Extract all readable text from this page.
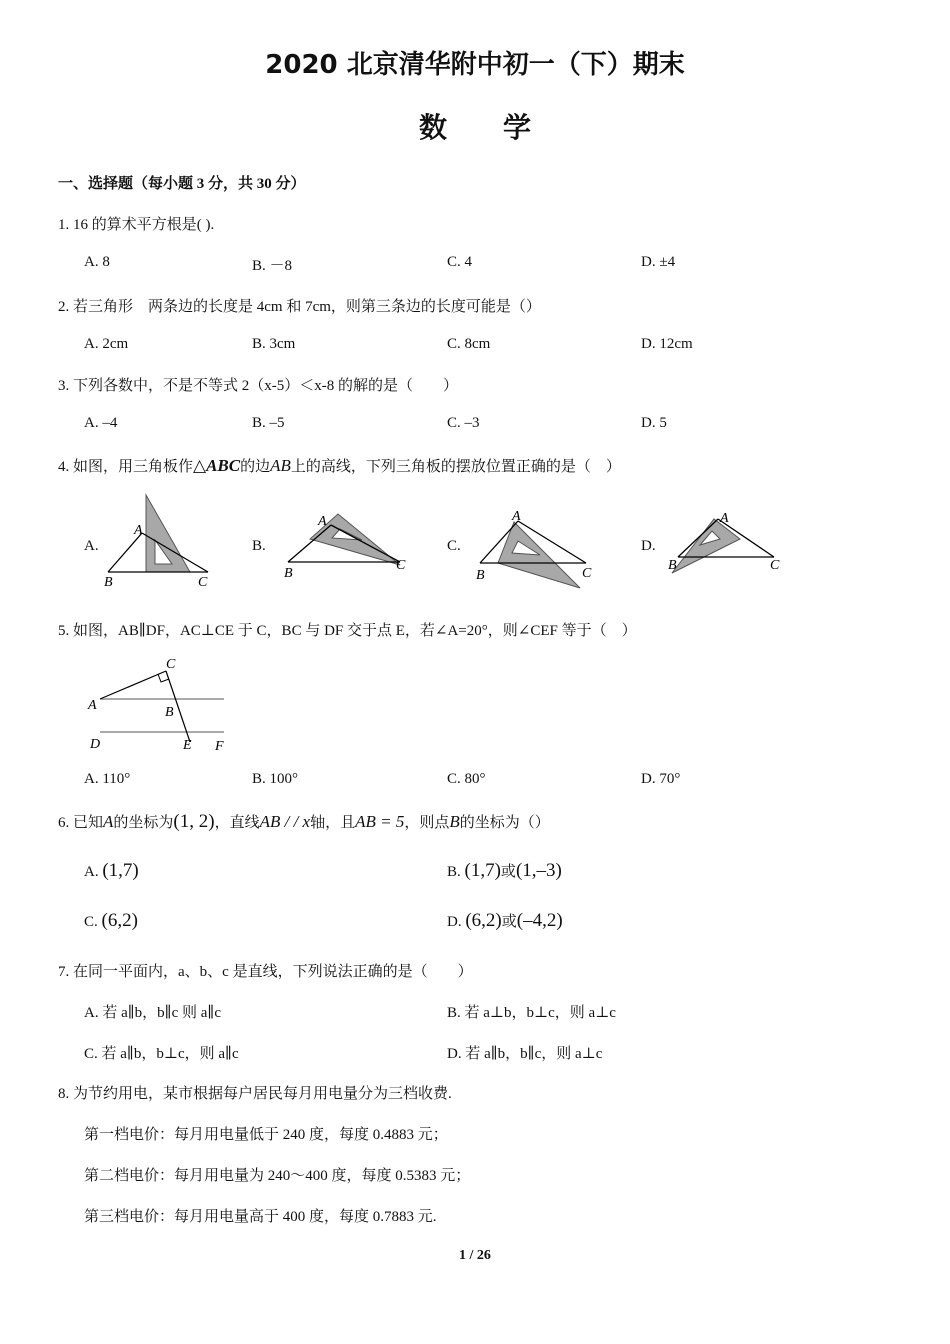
2020 北京清华附中初一（下）期末
数　　学
一、选择题（每小题 3 分，共 30 分）
1. 16 的算术平方根是( ).
A. 8	B. －8	C. 4	D. ±4
2. 若三角形　两条边的长度是 4cm 和 7cm，则第三条边的长度可能是（）
A. 2cm	B. 3cm	C. 8cm	D. 12cm
3. 下列各数中，不是不等式 2（x-5）＜x-8 的解的是（　　）
A. –4	B. –5	C. –3	D. 5
4. 如图，用三角板作△ABC的边AB上的高线，下列三角板的摆放位置正确的是（　）
A.	B.	C.	D.
A
B	C
A
B
C
A
B	C
A
B	C
5. 如图，AB∥DF，AC⊥CE 于 C，BC 与 DF 交于点 E，若∠A=20°，则∠CEF 等于（　）
C
A	B
D	E F
A. 110°	B. 100°	C. 80°	D. 70°
6. 已知A的坐标为(1, 2)，直线AB / / x轴，且AB = 5，则点B的坐标为（）
A. (1,7)	B. (1,7)或(1,–3)
C. (6,2)	D. (6,2)或(–4,2)
7. 在同一平面内，a、b、c 是直线，下列说法正确的是（　　）
A. 若 a∥b，b∥c 则 a∥c	B. 若 a⊥b，b⊥c，则 a⊥c
C. 若 a∥b，b⊥c，则 a∥c	D. 若 a∥b，b∥c，则 a⊥c
8. 为节约用电，某市根据每户居民每月用电量分为三档收费.
第一档电价：每月用电量低于 240 度，每度 0.4883 元；
第二档电价：每月用电量为 240～400 度，每度 0.5383 元；
第三档电价：每月用电量高于 400 度，每度 0.7883 元.
1 / 26
